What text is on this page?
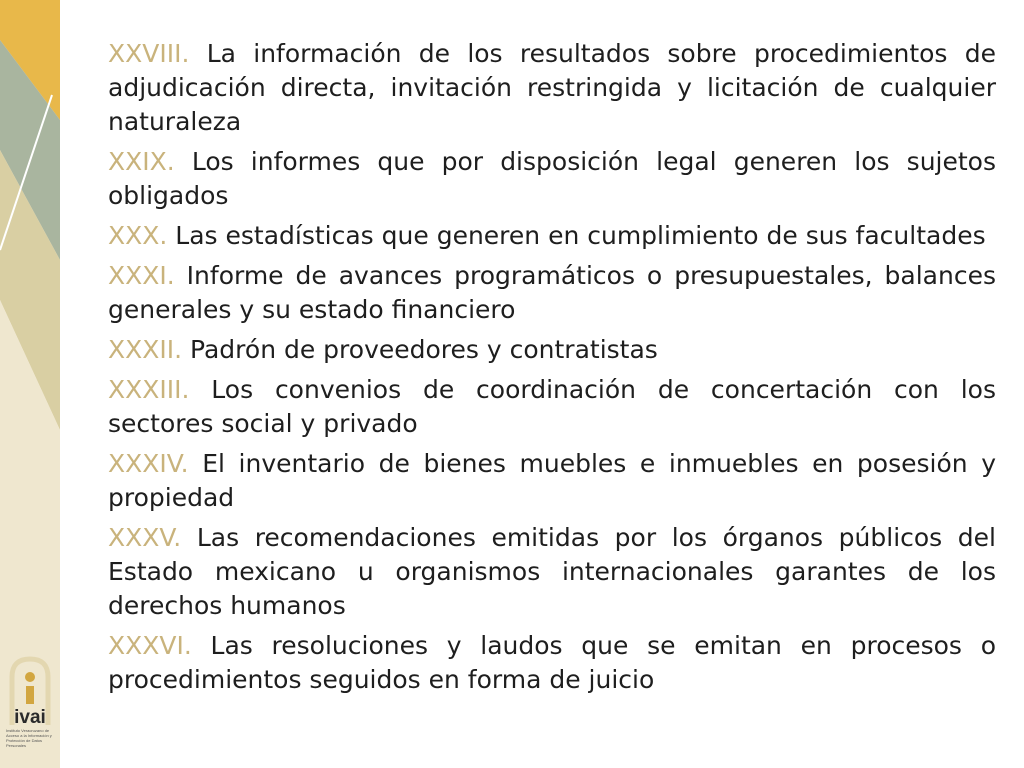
XXVIII. La información de los resultados sobre procedimientos de adjudicación directa, invitación restringida y licitación de cualquier naturaleza

XXIX. Los informes que por disposición legal generen los sujetos obligados

XXX. Las estadísticas que generen en cumplimiento de sus facultades

XXXI. Informe de avances programáticos o presupuestales, balances generales y su estado financiero

XXXII. Padrón de proveedores y contratistas

XXXIII. Los convenios de coordinación de concertación con los sectores social y privado

XXXIV. El inventario de bienes muebles e inmuebles en posesión y propiedad

XXXV. Las recomendaciones emitidas por los órganos públicos del Estado mexicano u organismos internacionales garantes de los derechos humanos

XXXVI. Las resoluciones y laudos que se emitan en procesos o procedimientos seguidos en forma de juicio

ivai
Instituto Veracruzano de Acceso a la Información y Protección de Datos Personales
